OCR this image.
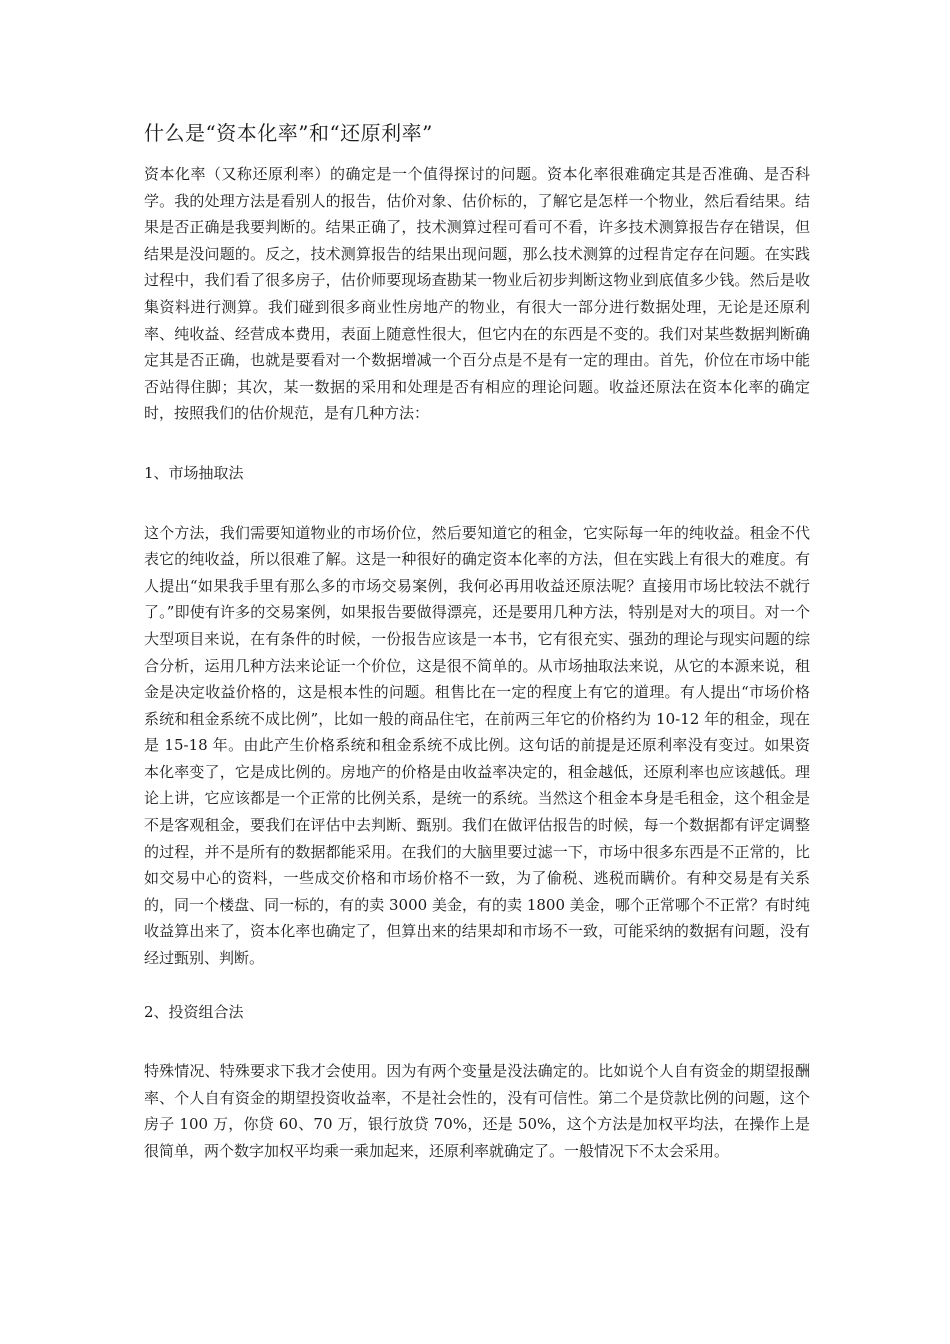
什么是“资本化率”和“还原利率”

资本化率（又称还原利率）的确定是一个值得探讨的问题。资本化率很难确定其是否准确、是否科学。我的处理方法是看别人的报告，估价对象、估价标的，了解它是怎样一个物业，然后看结果。结果是否正确是我要判断的。结果正确了，技术测算过程可看可不看，许多技术测算报告存在错误，但结果是没问题的。反之，技术测算报告的结果出现问题，那么技术测算的过程肯定存在问题。在实践过程中，我们看了很多房子，估价师要现场查勘某一物业后初步判断这物业到底值多少钱。然后是收集资料进行测算。我们碰到很多商业性房地产的物业，有很大一部分进行数据处理，无论是还原利率、纯收益、经营成本费用，表面上随意性很大，但它内在的东西是不变的。我们对某些数据判断确定其是否正确，也就是要看对一个数据增减一个百分点是不是有一定的理由。首先，价位在市场中能否站得住脚；其次，某一数据的采用和处理是否有相应的理论问题。收益还原法在资本化率的确定时，按照我们的估价规范，是有几种方法：

1、市场抽取法

这个方法，我们需要知道物业的市场价位，然后要知道它的租金，它实际每一年的纯收益。租金不代表它的纯收益，所以很难了解。这是一种很好的确定资本化率的方法，但在实践上有很大的难度。有人提出“如果我手里有那么多的市场交易案例，我何必再用收益还原法呢？直接用市场比较法不就行了。”即使有许多的交易案例，如果报告要做得漂亮，还是要用几种方法，特别是对大的项目。对一个大型项目来说，在有条件的时候，一份报告应该是一本书，它有很充实、强劲的理论与现实问题的综合分析，运用几种方法来论证一个价位，这是很不简单的。从市场抽取法来说，从它的本源来说，租金是决定收益价格的，这是根本性的问题。租售比在一定的程度上有它的道理。有人提出“市场价格系统和租金系统不成比例”，比如一般的商品住宅，在前两三年它的价格约为 10-12 年的租金，现在是 15-18 年。由此产生价格系统和租金系统不成比例。这句话的前提是还原利率没有变过。如果资本化率变了，它是成比例的。房地产的价格是由收益率决定的，租金越低，还原利率也应该越低。理论上讲，它应该都是一个正常的比例关系，是统一的系统。当然这个租金本身是毛租金，这个租金是不是客观租金，要我们在评估中去判断、甄别。我们在做评估报告的时候，每一个数据都有评定调整的过程，并不是所有的数据都能采用。在我们的大脑里要过滤一下，市场中很多东西是不正常的，比如交易中心的资料，一些成交价格和市场价格不一致，为了偷税、逃税而瞒价。有种交易是有关系的，同一个楼盘、同一标的，有的卖 3000 美金，有的卖 1800 美金，哪个正常哪个不正常？有时纯收益算出来了，资本化率也确定了，但算出来的结果却和市场不一致，可能采纳的数据有问题，没有经过甄别、判断。

2、投资组合法

特殊情况、特殊要求下我才会使用。因为有两个变量是没法确定的。比如说个人自有资金的期望报酬率、个人自有资金的期望投资收益率，不是社会性的，没有可信性。第二个是贷款比例的问题，这个房子 100 万，你贷 60、70 万，银行放贷 70%，还是 50%，这个方法是加权平均法，在操作上是很简单，两个数字加权平均乘一乘加起来，还原利率就确定了。一般情况下不太会采用。
